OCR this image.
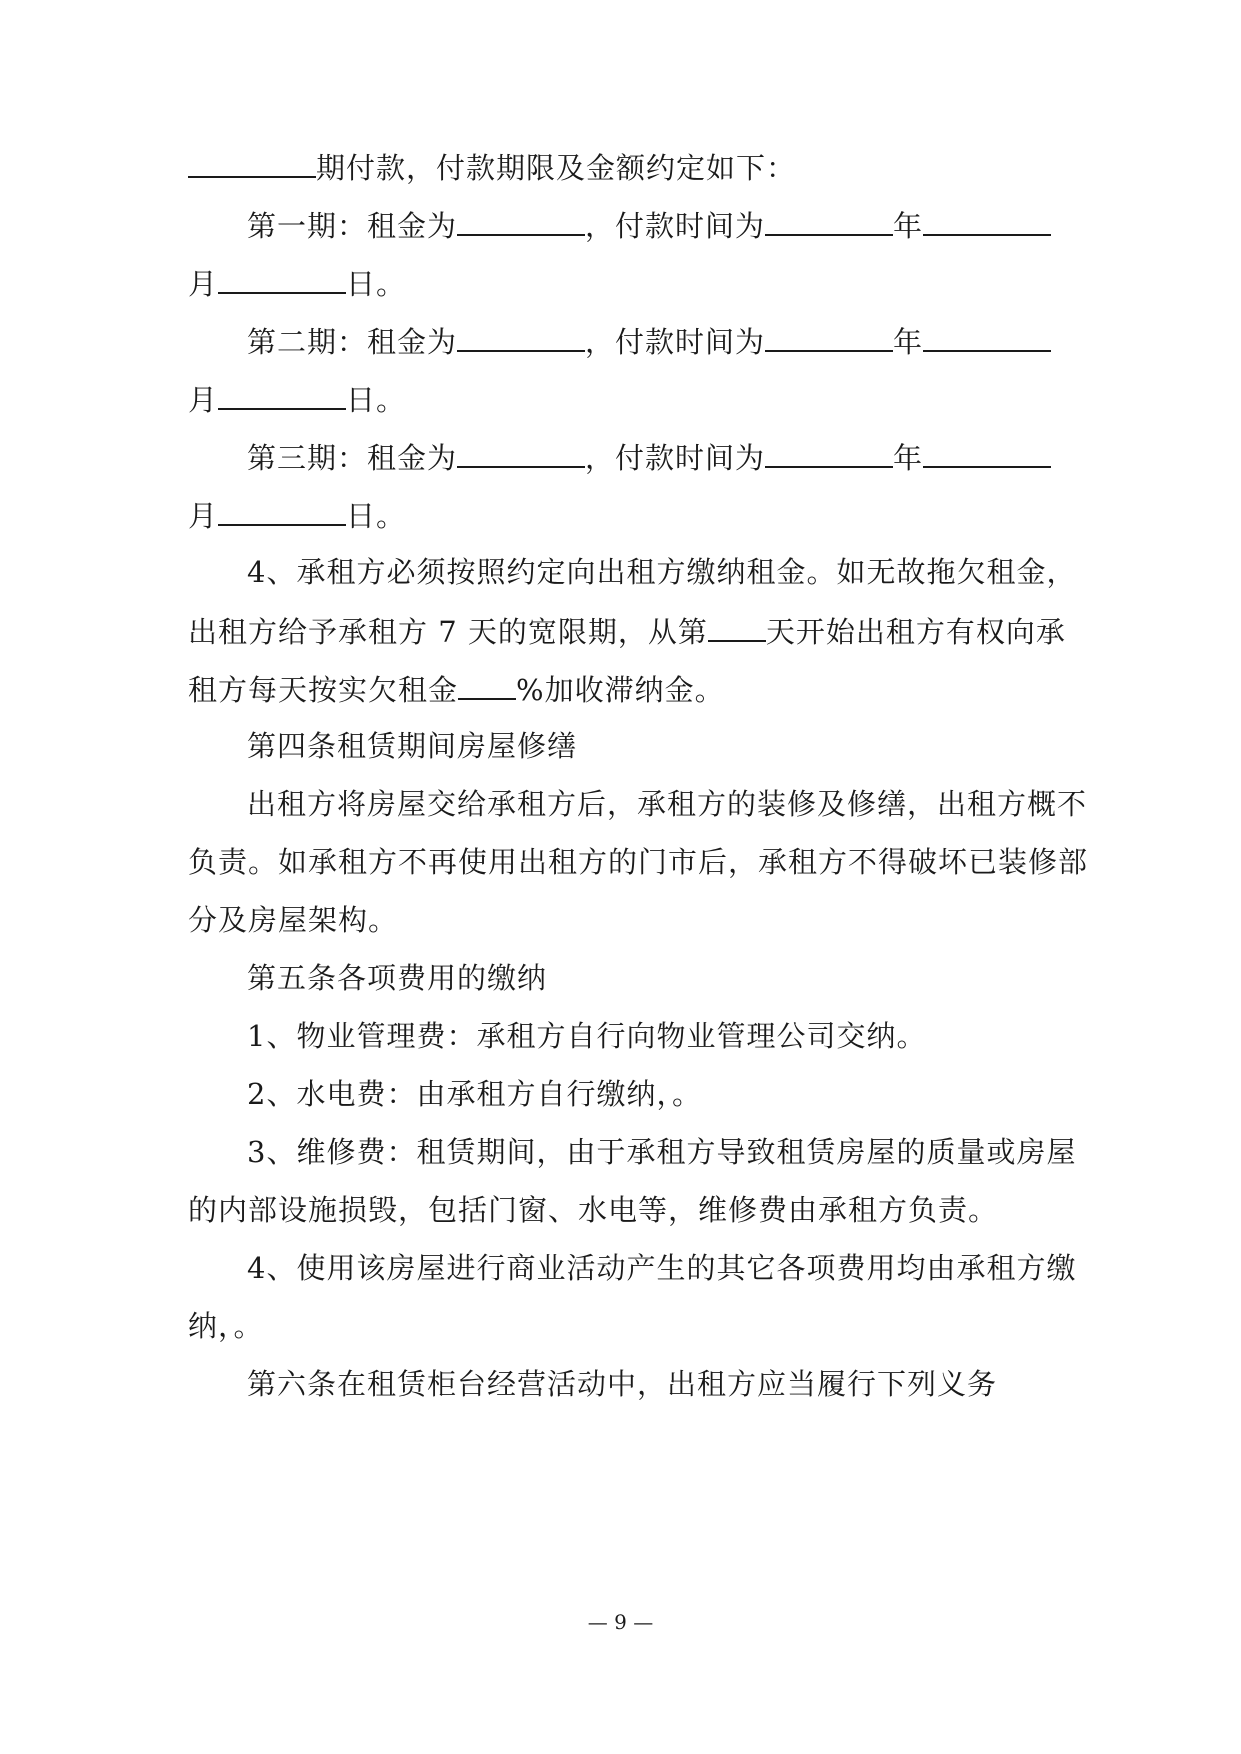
期付款，付款期限及金额约定如下：
第一期：租金为	，付款时间为	年
月	日。
第二期：租金为	，付款时间为	年
月	日。
第三期：租金为	，付款时间为	年
月	日。
4、承租方必须按照约定向出租方缴纳租金。如无故拖欠租金，
出租方给予承租方 7 天的宽限期，从第 天开始出租方有权向承
租方每天按实欠租金 %加收滞纳金。
第四条租赁期间房屋修缮
出租方将房屋交给承租方后，承租方的装修及修缮，出租方概不
负责。如承租方不再使用出租方的门市后，承租方不得破坏已装修部
分及房屋架构。
第五条各项费用的缴纳
1、物业管理费：承租方自行向物业管理公司交纳。
2、水电费：由承租方自行缴纳，。
3、维修费：租赁期间，由于承租方导致租赁房屋的质量或房屋
的内部设施损毁，包括门窗、水电等，维修费由承租方负责。
4、使用该房屋进行商业活动产生的其它各项费用均由承租方缴
纳，。
第六条在租赁柜台经营活动中，出租方应当履行下列义务
— 9 —
